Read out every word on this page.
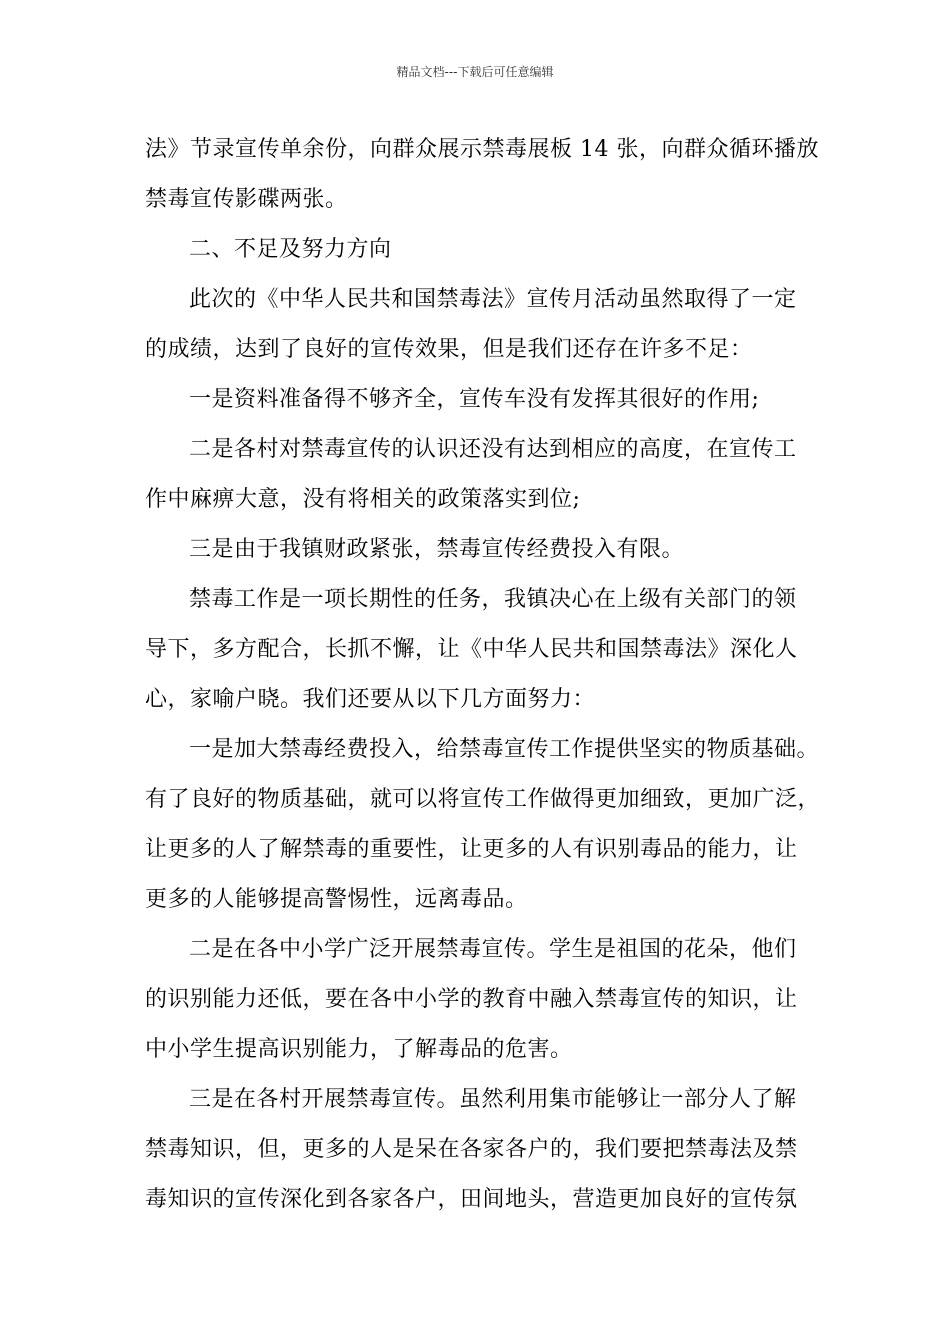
精品文档---下载后可任意编辑
法》节录宣传单余份，向群众展示禁毒展板 14 张，向群众循环播放
禁毒宣传影碟两张。
二、不足及努力方向
此次的《中华人民共和国禁毒法》宣传月活动虽然取得了一定
的成绩，达到了良好的宣传效果，但是我们还存在许多不足：
一是资料准备得不够齐全，宣传车没有发挥其很好的作用;
二是各村对禁毒宣传的认识还没有达到相应的高度，在宣传工
作中麻痹大意，没有将相关的政策落实到位;
三是由于我镇财政紧张，禁毒宣传经费投入有限。
禁毒工作是一项长期性的任务，我镇决心在上级有关部门的领
导下，多方配合，长抓不懈，让《中华人民共和国禁毒法》深化人
心，家喻户晓。我们还要从以下几方面努力：
一是加大禁毒经费投入，给禁毒宣传工作提供坚实的物质基础。
有了良好的物质基础，就可以将宣传工作做得更加细致，更加广泛，
让更多的人了解禁毒的重要性，让更多的人有识别毒品的能力，让
更多的人能够提高警惕性，远离毒品。
二是在各中小学广泛开展禁毒宣传。学生是祖国的花朵，他们
的识别能力还低，要在各中小学的教育中融入禁毒宣传的知识，让
中小学生提高识别能力，了解毒品的危害。
三是在各村开展禁毒宣传。虽然利用集市能够让一部分人了解
禁毒知识，但，更多的人是呆在各家各户的，我们要把禁毒法及禁
毒知识的宣传深化到各家各户，田间地头，营造更加良好的宣传氛
